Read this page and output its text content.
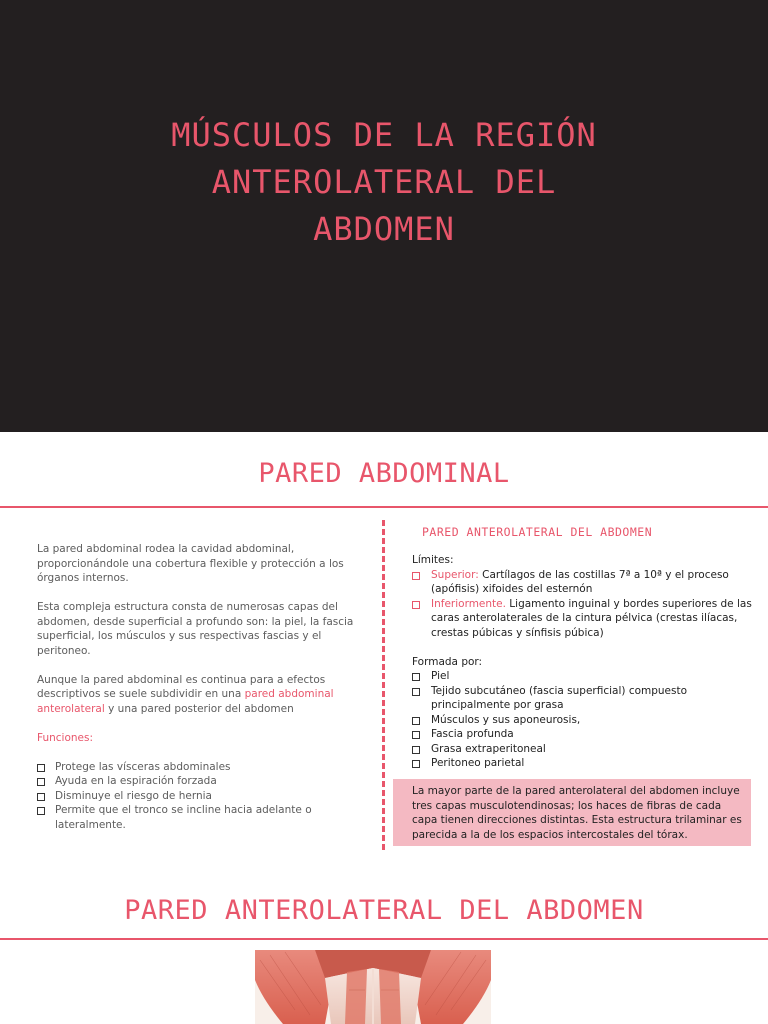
MÚSCULOS DE LA REGIÓN
ANTEROLATERAL DEL
ABDOMEN
PARED ABDOMINAL

La pared abdominal rodea la cavidad abdominal, proporcionándole una cobertura flexible y protección a los órganos internos.

Esta compleja estructura consta de numerosas capas del abdomen, desde superficial a profundo son: la piel, la fascia superficial, los músculos y sus respectivas fascias y el peritoneo.

Aunque la pared abdominal es continua para a efectos descriptivos se suele subdividir en una pared abdominal anterolateral y una pared posterior del abdomen

Funciones:

Protege las vísceras abdominales
Ayuda en la espiración forzada
Disminuye el riesgo de hernia
Permite que el tronco se incline hacia adelante o lateralmente.
PARED ANTEROLATERAL DEL ABDOMEN

Límites:

Superior: Cartílagos de las costillas 7ª a 10ª y el proceso (apófisis) xifoides del esternón
Inferiormente. Ligamento inguinal y bordes superiores de las caras anterolaterales de la cintura pélvica (crestas ilíacas, crestas púbicas y sínfisis púbica)

Formada por:

Piel
Tejido subcutáneo (fascia superficial) compuesto principalmente por grasa
Músculos y sus aponeurosis,
Fascia profunda
Grasa extraperitoneal
Peritoneo parietal
La mayor parte de la pared anterolateral del abdomen incluye tres capas musculotendinosas; los haces de fibras de cada capa tienen direcciones distintas. Esta estructura trilaminar es parecida a la de los espacios intercostales del tórax.
PARED ANTEROLATERAL DEL ABDOMEN
